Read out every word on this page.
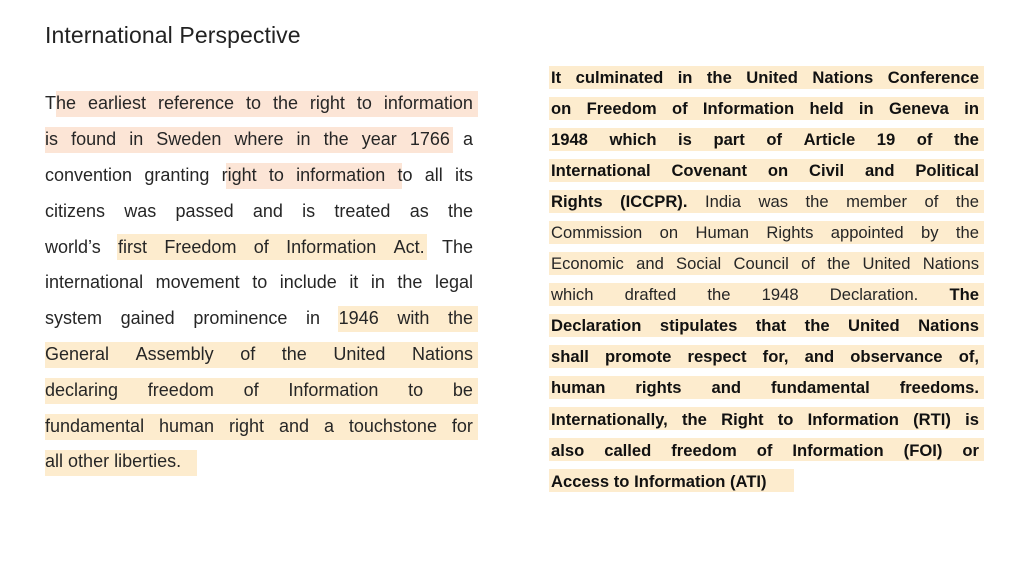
International Perspective
The earliest reference to the right to information
is found in Sweden where in the year 1766 a
convention granting right to information to all its
citizens was passed and is treated as the
world’s first Freedom of Information Act. The
international movement to include it in the legal
system gained prominence in 1946 with the
General Assembly of the United Nations
declaring freedom of Information to be
fundamental human right and a touchstone for
all other liberties.
It culminated in the United Nations Conference
on Freedom of Information held in Geneva in
1948 which is part of Article 19 of the
International Covenant on Civil and Political
Rights (ICCPR). India was the member of the
Commission on Human Rights appointed by the
Economic and Social Council of the United Nations
which drafted the 1948 Declaration. The
Declaration stipulates that the United Nations
shall promote respect for, and observance of,
human rights and fundamental freedoms.
Internationally, the Right to Information (RTI) is
also called freedom of Information (FOI) or
Access to Information (ATI)
